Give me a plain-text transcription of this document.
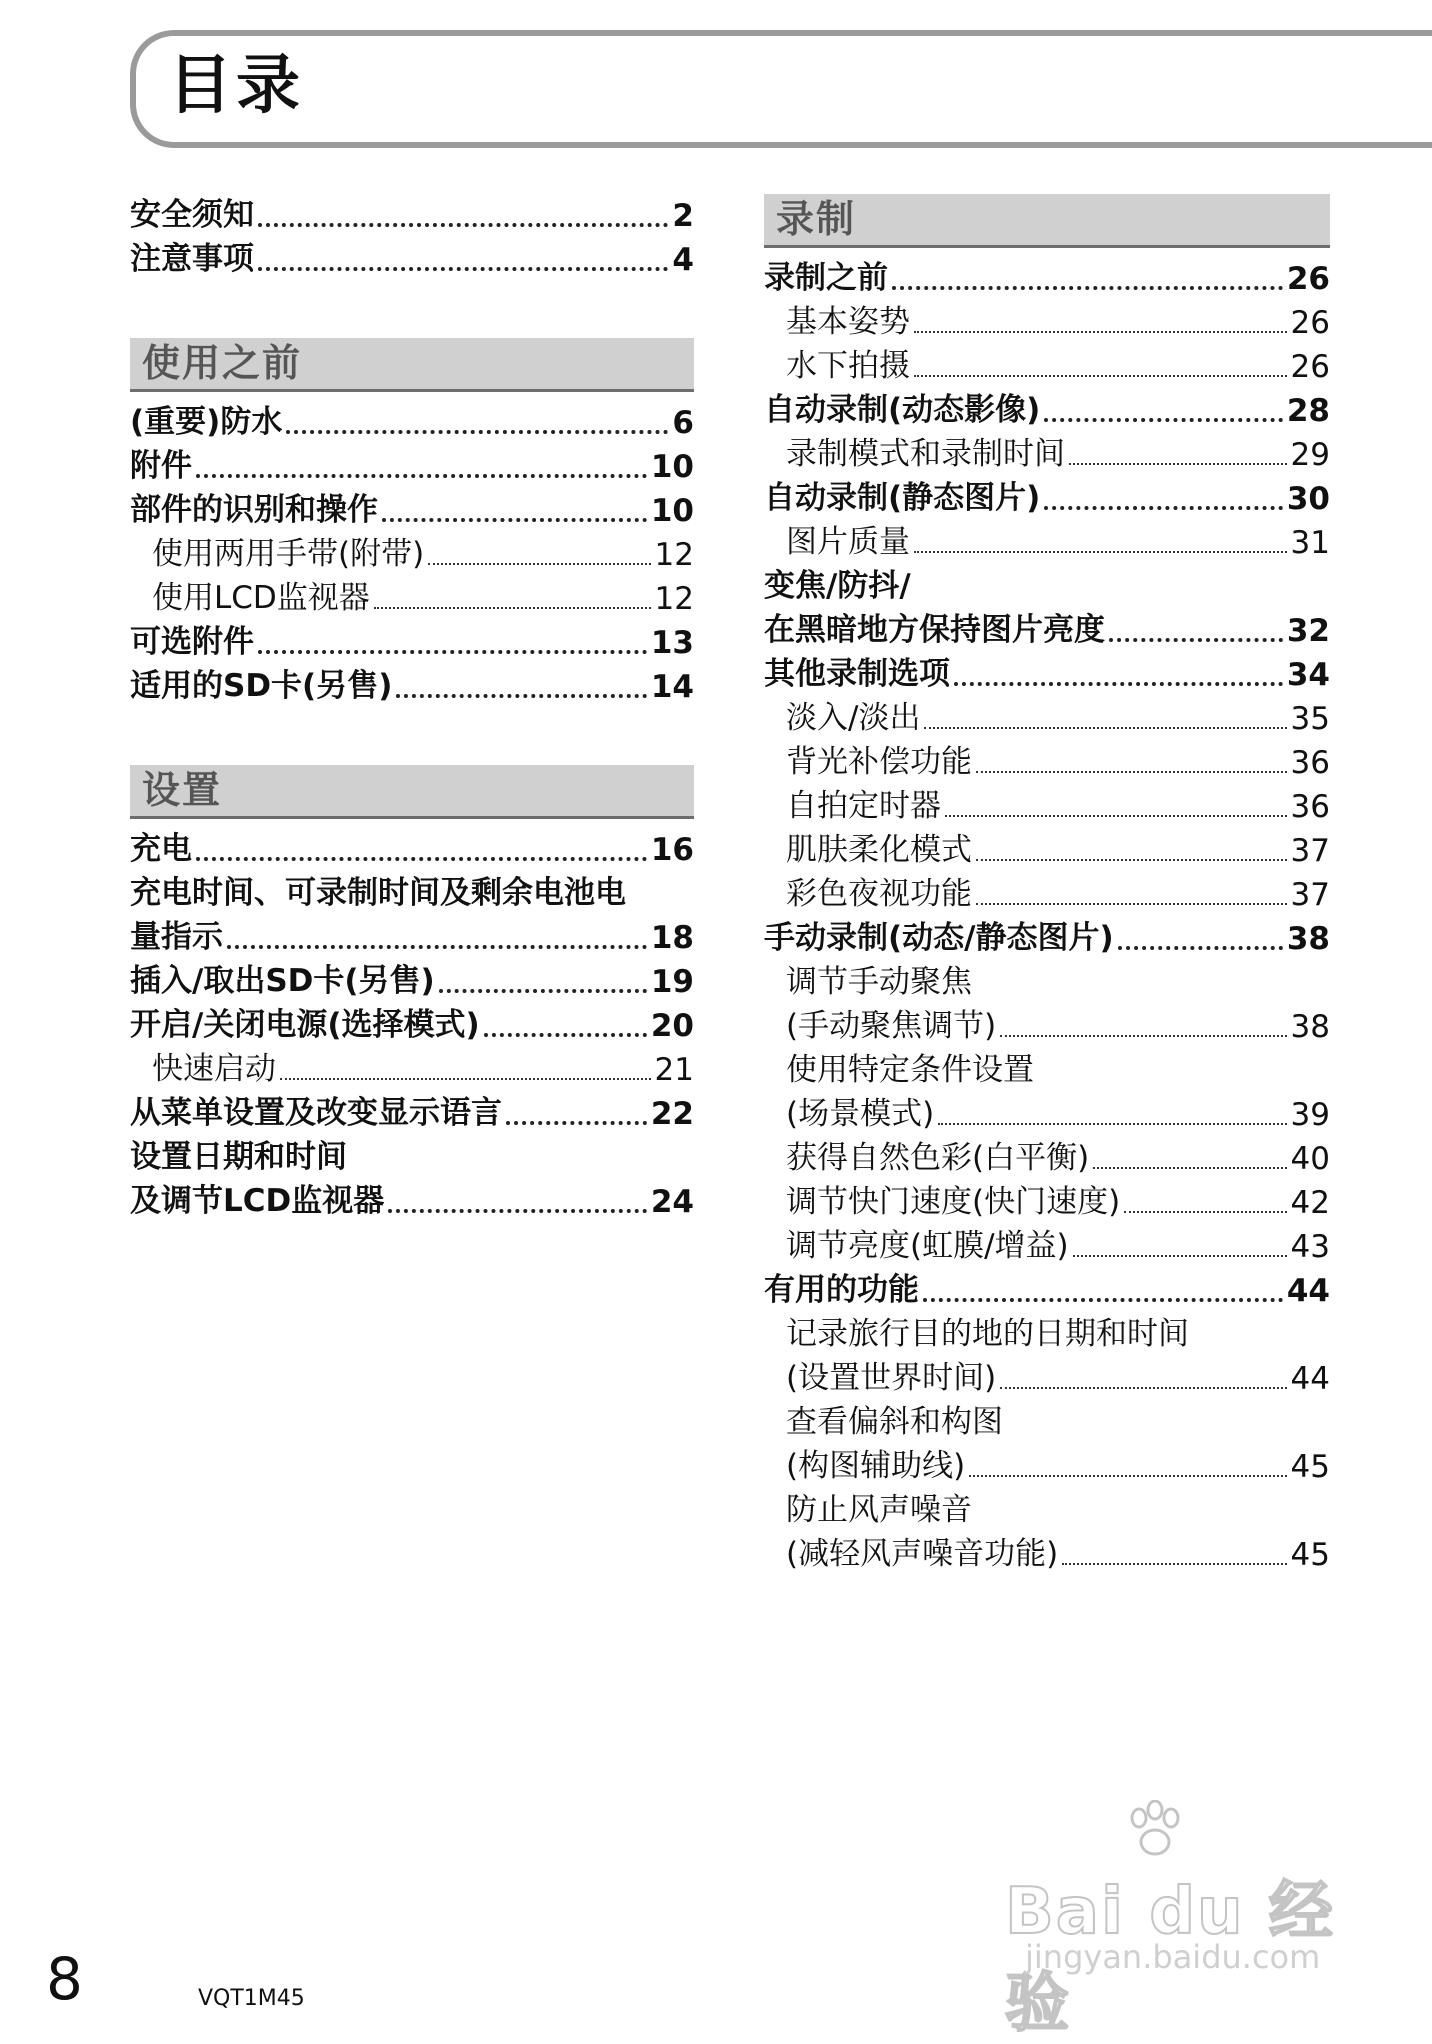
目录
安全须知	2
注意事项	4
使用之前
(重要)防水	6
附件	10
部件的识别和操作	10
使用两用手带(附带)	12
使用LCD监视器	12
可选附件	13
适用的SD卡(另售)	14
设置
充电	16
充电时间、可录制时间及剩余电池电
量指示	18
插入/取出SD卡(另售)	19
开启/关闭电源(选择模式)	20
快速启动	21
从菜单设置及改变显示语言	22
设置日期和时间
及调节LCD监视器	24
录制
录制之前	26
基本姿势	26
水下拍摄	26
自动录制(动态影像)	28
录制模式和录制时间	29
自动录制(静态图片)	30
图片质量	31
变焦/防抖/
在黑暗地方保持图片亮度	32
其他录制选项	34
淡入/淡出	35
背光补偿功能	36
自拍定时器	36
肌肤柔化模式	37
彩色夜视功能	37
手动录制(动态/静态图片)	38
调节手动聚焦
(手动聚焦调节)	38
使用特定条件设置
(场景模式)	39
获得自然色彩(白平衡)	40
调节快门速度(快门速度)	42
调节亮度(虹膜/增益)	43
有用的功能	44
记录旅行目的地的日期和时间
(设置世界时间)	44
查看偏斜和构图
(构图辅助线)	45
防止风声噪音
(减轻风声噪音功能)	45
8	VQT1M45
Bai du 经验
jingyan.baidu.com
